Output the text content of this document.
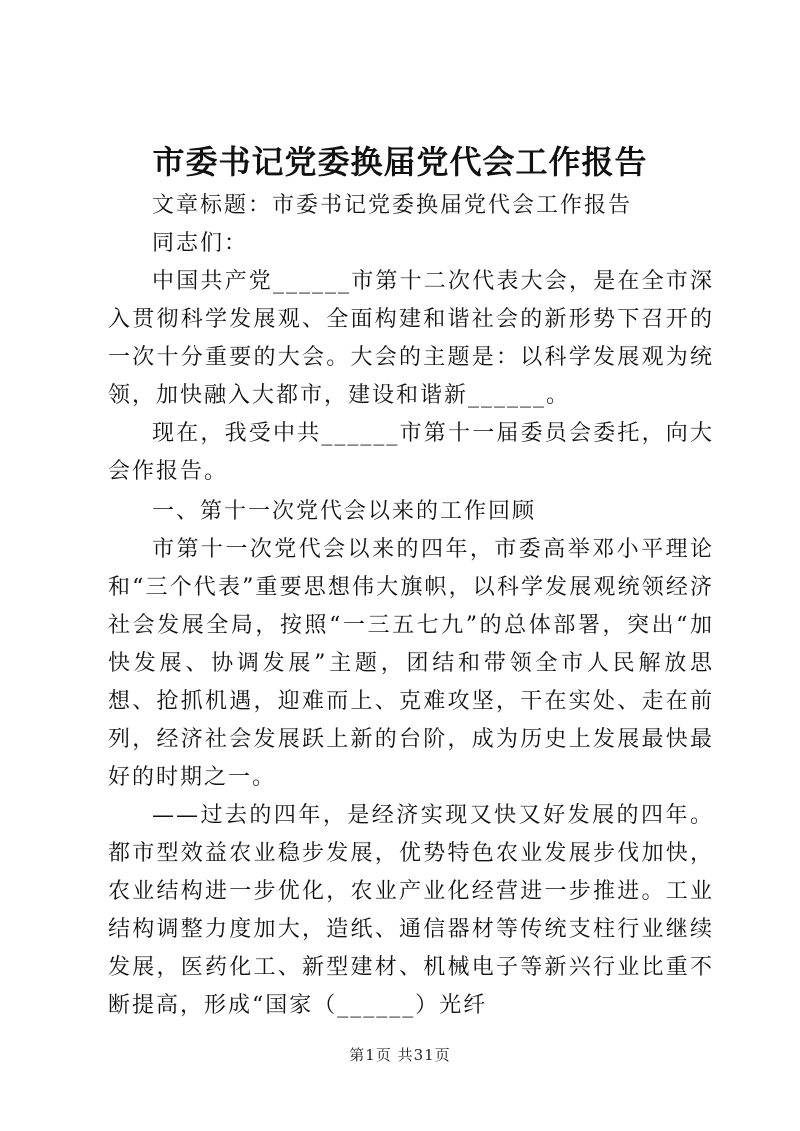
市委书记党委换届党代会工作报告

文章标题：市委书记党委换届党代会工作报告

同志们：

中国共产党______市第十二次代表大会，是在全市深入贯彻科学发展观、全面构建和谐社会的新形势下召开的一次十分重要的大会。大会的主题是：以科学发展观为统领，加快融入大都市，建设和谐新______。

现在，我受中共______市第十一届委员会委托，向大会作报告。

一、第十一次党代会以来的工作回顾

市第十一次党代会以来的四年，市委高举邓小平理论和“三个代表”重要思想伟大旗帜，以科学发展观统领经济社会发展全局，按照“一三五七九”的总体部署，突出“加快发展、协调发展”主题，团结和带领全市人民解放思想、抢抓机遇，迎难而上、克难攻坚，干在实处、走在前列，经济社会发展跃上新的台阶，成为历史上发展最快最好的时期之一。

——过去的四年，是经济实现又快又好发展的四年。都市型效益农业稳步发展，优势特色农业发展步伐加快，农业结构进一步优化，农业产业化经营进一步推进。工业结构调整力度加大，造纸、通信器材等传统支柱行业继续发展，医药化工、新型建材、机械电子等新兴行业比重不断提高，形成“国家（______）光纤

第1页 共31页
